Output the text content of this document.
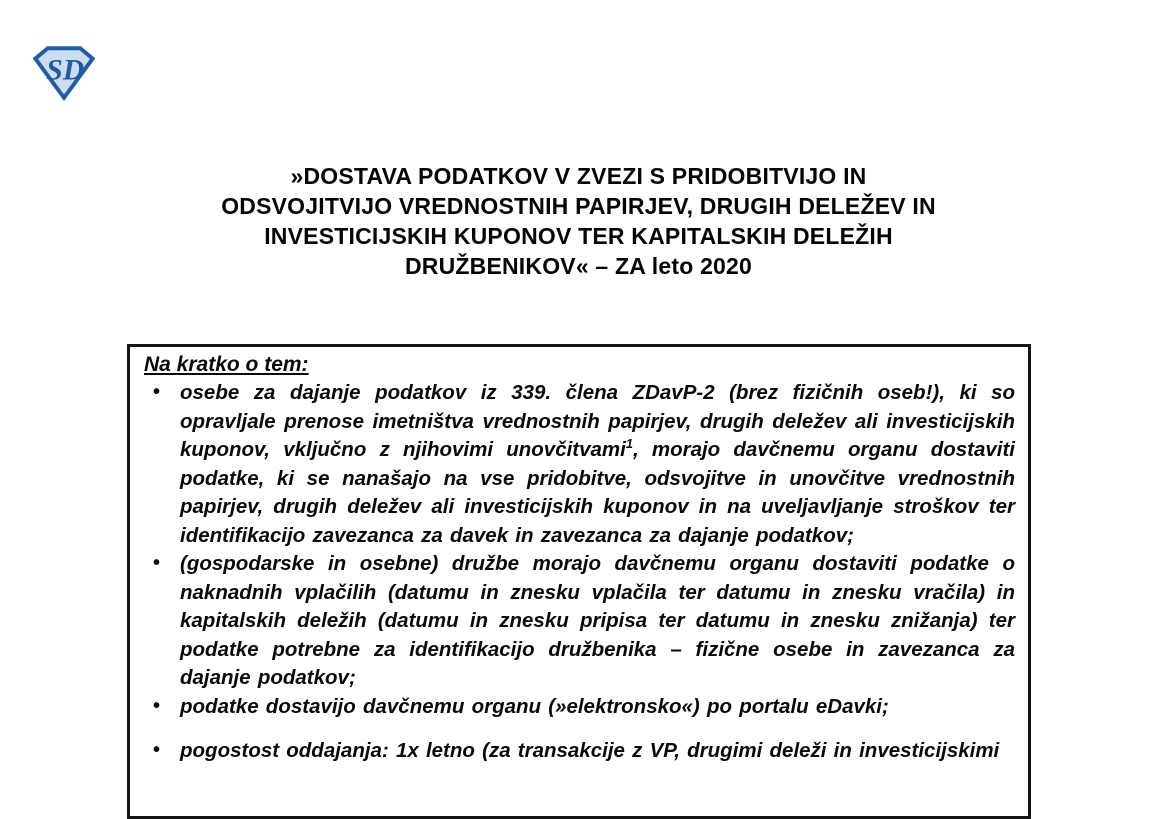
SD
»DOSTAVA PODATKOV V ZVEZI S PRIDOBITVIJO IN
ODSVOJITVIJO VREDNOSTNIH PAPIRJEV, DRUGIH DELEŽEV IN
INVESTICIJSKIH KUPONOV TER KAPITALSKIH DELEŽIH
DRUŽBENIKOV« – ZA leto 2020
Na kratko o tem:
• osebe za dajanje podatkov iz 339. člena ZDavP-2 (brez fizičnih oseb!), ki so opravljale prenose imetništva vrednostnih papirjev, drugih deležev ali investicijskih kuponov, vključno z njihovimi unovčitvami$^1$, morajo davčnemu organu dostaviti podatke, ki se nanašajo na vse pridobitve, odsvojitve in unovčitve vrednostnih papirjev, drugih deležev ali investicijskih kuponov in na uveljavljanje stroškov ter identifikacijo zavezanca za davek in zavezanca za dajanje podatkov;
• (gospodarske in osebne) družbe morajo davčnemu organu dostaviti podatke o naknadnih vplačilih (datumu in znesku vplačila ter datumu in znesku vračila) in kapitalskih deležih (datumu in znesku pripisa ter datumu in znesku znižanja) ter podatke potrebne za identifikacijo družbenika – fizične osebe in zavezanca za dajanje podatkov;
• podatke dostavijo davčnemu organu (»elektronsko«) po portalu eDavki;
• pogostost oddajanja: 1x letno (za transakcije z VP, drugimi deleži in investicijskimi
